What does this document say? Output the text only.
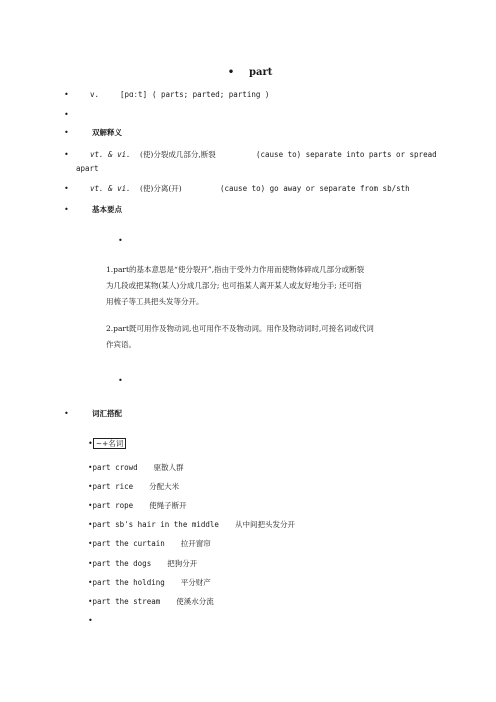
• part
•	v.	[pɑːt] ( parts; parted; parting )
•
•	双解释义
•	vt. & vi. (使)分裂成几部分,断裂	(cause to) separate into parts or spread
apart
•	vt. & vi. (使)分离(开)	(cause to) go away or separate from sb/sth
•	基本要点
•
1.part的基本意思是“使分裂开”,指由于受外力作用而使物体碎成几部分或断裂
为几段或把某物(某人)分成几部分; 也可指某人离开某人或友好地分手; 还可指
用梳子等工具把头发等分开。
2.part既可用作及物动词,也可用作不及物动词。用作及物动词时,可接名词或代词
作宾语。
•
•	词汇搭配
• ~+名词
•part crowd 驱散人群
•part rice 分配大米
•part rope 使绳子断开
•part sb's hair in the middle 从中间把头发分开
•part the curtain 拉开窗帘
•part the dogs 把狗分开
•part the holding 平分财产
•part the stream 使溪水分流
•
